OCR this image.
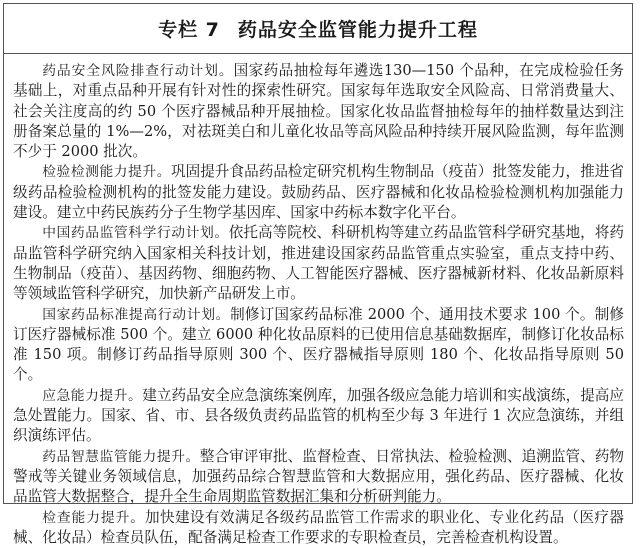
专栏 7 药品安全监管能力提升工程

药品安全风险排查行动计划。国家药品抽检每年遴选130—150 个品种，在完成检验任务基础上，对重点品种开展有针对性的探索性研究。国家每年选取安全风险高、日常消费量大、社会关注度高的约 50 个医疗器械品种开展抽检。国家化妆品监督抽检每年的抽样数量达到注册备案总量的 1%—2%，对祛斑美白和儿童化妆品等高风险品种持续开展风险监测，每年监测不少于 2000 批次。

检验检测能力提升。巩固提升食品药品检定研究机构生物制品（疫苗）批签发能力，推进省级药品检验检测机构的批签发能力建设。鼓励药品、医疗器械和化妆品检验检测机构加强能力建设。建立中药民族药分子生物学基因库、国家中药标本数字化平台。

中国药品监管科学行动计划。依托高等院校、科研机构等建立药品监管科学研究基地，将药品监管科学研究纳入国家相关科技计划，推进建设国家药品监管重点实验室，重点支持中药、生物制品（疫苗）、基因药物、细胞药物、人工智能医疗器械、医疗器械新材料、化妆品新原料等领域监管科学研究，加快新产品研发上市。

国家药品标准提高行动计划。制修订国家药品标准 2000 个、通用技术要求 100 个。制修订医疗器械标准 500 个。建立 6000 种化妆品原料的已使用信息基础数据库，制修订化妆品标准 150 项。制修订药品指导原则 300 个、医疗器械指导原则 180 个、化妆品指导原则 50 个。

应急能力提升。建立药品安全应急演练案例库，加强各级应急能力培训和实战演练，提高应急处置能力。国家、省、市、县各级负责药品监管的机构至少每 3 年进行 1 次应急演练，并组织演练评估。

药品智慧监管能力提升。整合审评审批、监督检查、日常执法、检验检测、追溯监管、药物警戒等关键业务领域信息，加强药品综合智慧监管和大数据应用，强化药品、医疗器械、化妆品监管大数据整合，提升全生命周期监管数据汇集和分析研判能力。

检查能力提升。加快建设有效满足各级药品监管工作需求的职业化、专业化药品（医疗器械、化妆品）检查员队伍，配备满足检查工作要求的专职检查员，完善检查机构设置。
